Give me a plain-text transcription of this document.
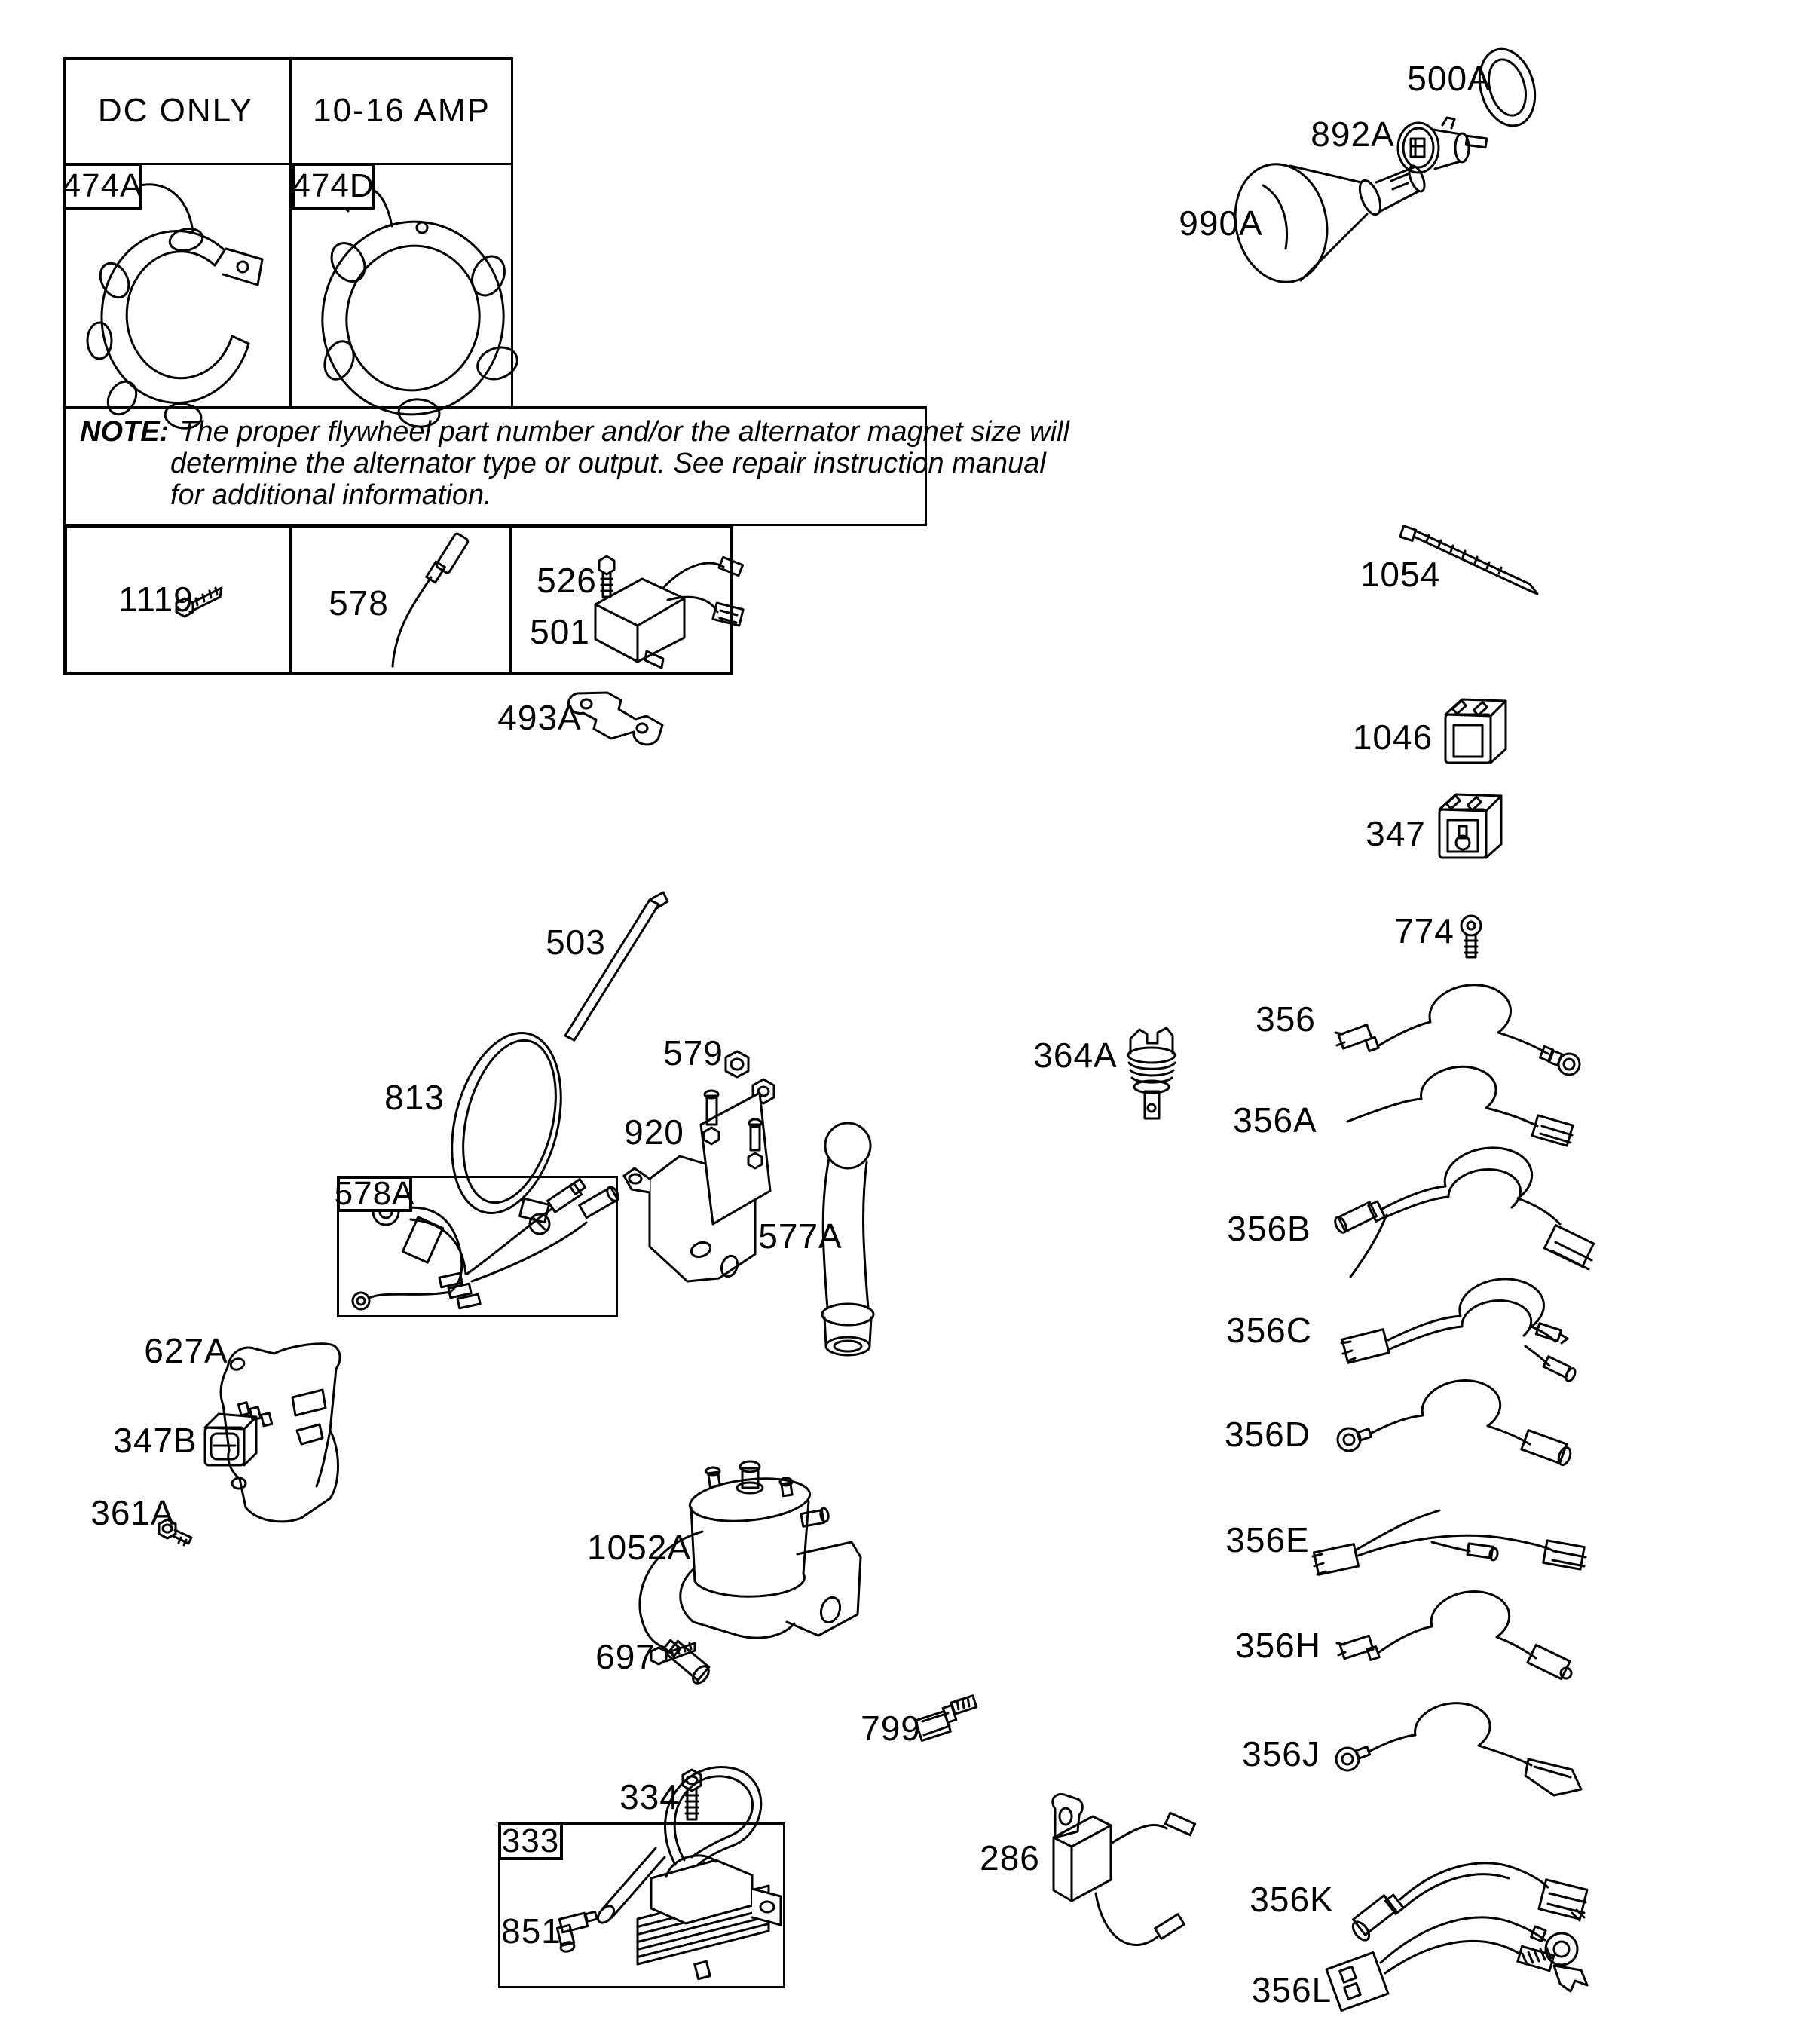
DC ONLY 10-16 AMP
474A	474D
NOTE: The proper flywheel part number and/or the alternator magnet size will
determine the alternator type or output. See repair instruction manual
for additional information.
1119	578
526
501
493A
500A
892A
990A
1054
1046
347
774
503
813
579
920
577A
364A
578A
627A
347B
361A
1052A
697
799
334
333
851
286
356
356A
356B
356C
356D
356E
356H
356J
356K
356L
